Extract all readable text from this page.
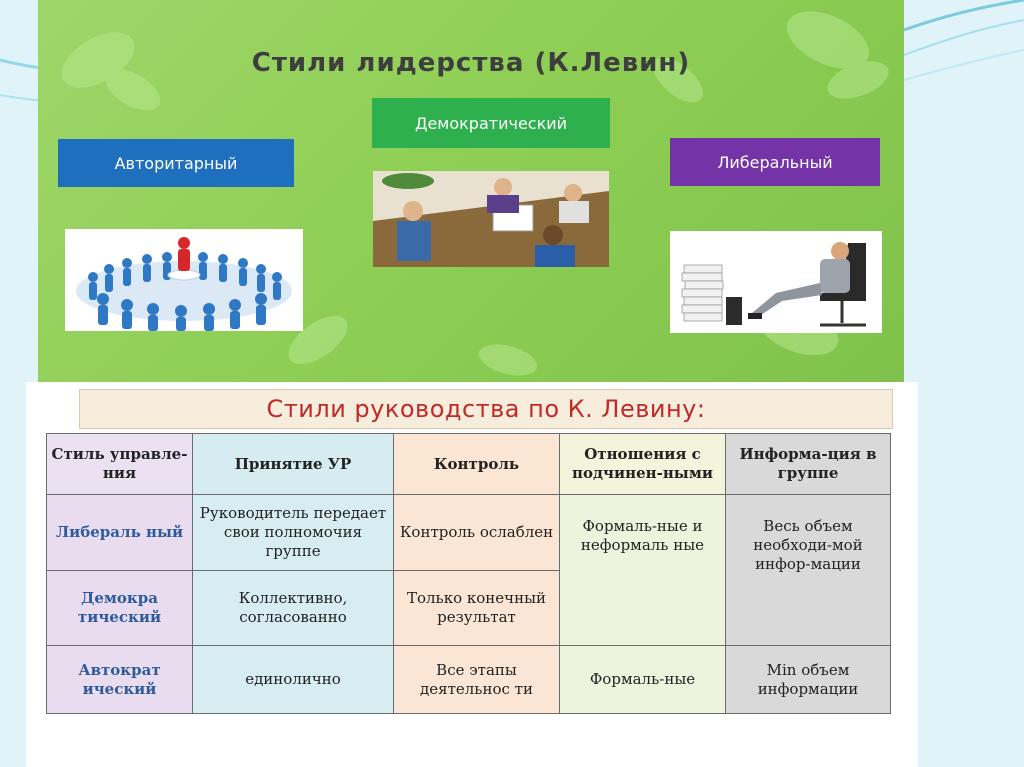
Стили лидерства (К.Левин)
Авторитарный
Демократический
Либеральный
Стили руководства по К. Левину:
Стиль управле-ния	Принятие УР	Контроль	Отношения с подчинен-ными	Информа-ция в группе
Либераль ный	Руководитель передает свои полномочия группе	Контроль ослаблен	Формаль-ные и неформаль ные	Весь объем необходи-мой инфор-мации
Демокра тический	Коллективно, согласованно	Только конечный результат		
Автократ ический	единолично	Все этапы деятельнос ти	Формаль-ные	Min объем информации
